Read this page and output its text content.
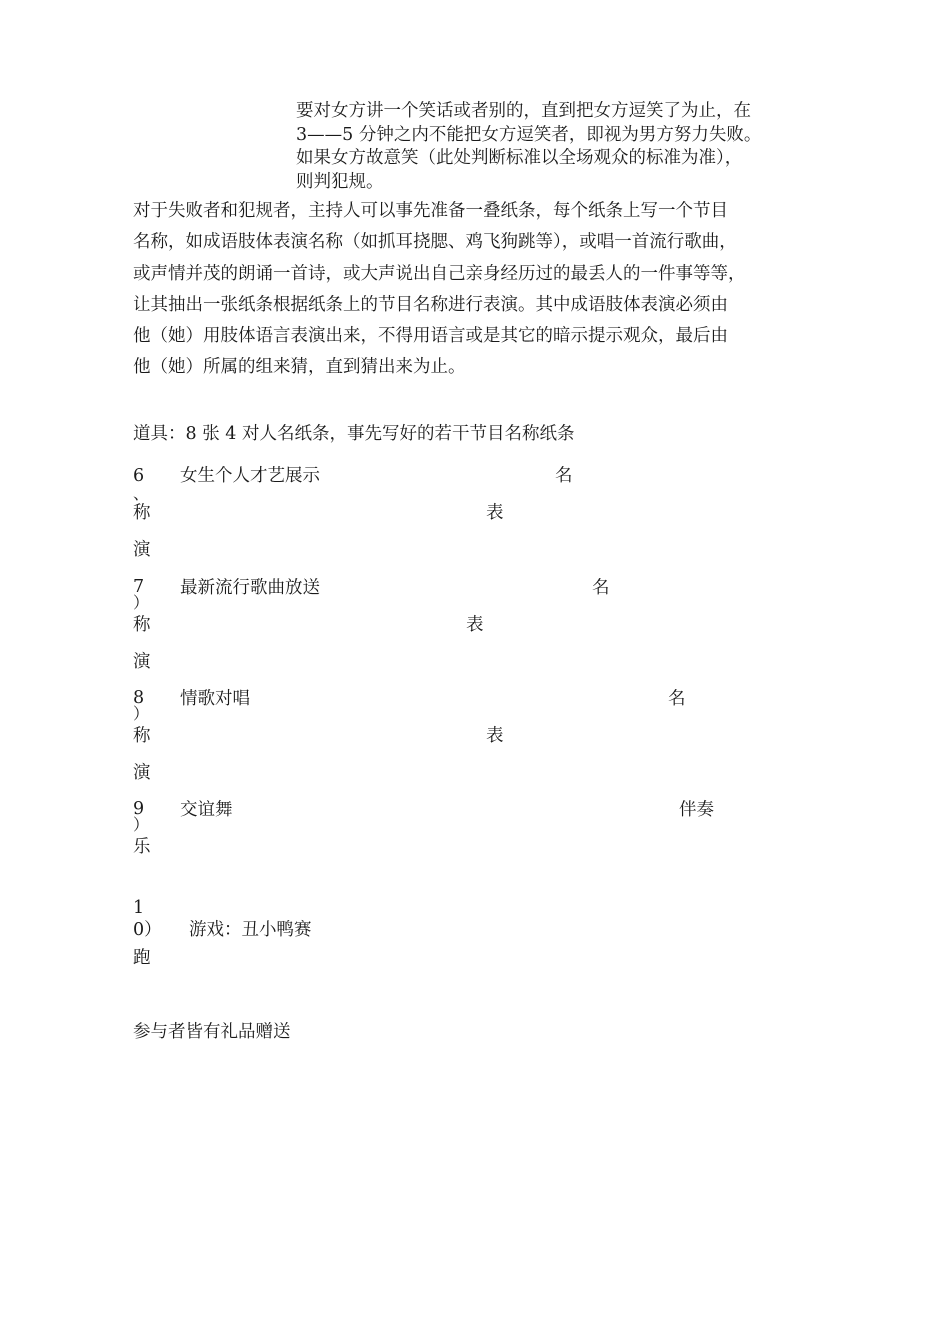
要对女方讲一个笑话或者别的，直到把女方逗笑了为止，在
3——5 分钟之内不能把女方逗笑者，即视为男方努力失败。
如果女方故意笑（此处判断标准以全场观众的标准为准），
则判犯规。
对于失败者和犯规者，主持人可以事先准备一叠纸条，每个纸条上写一个节目
名称，如成语肢体表演名称（如抓耳挠腮、鸡飞狗跳等），或唱一首流行歌曲，
或声情并茂的朗诵一首诗，或大声说出自己亲身经历过的最丢人的一件事等等，
让其抽出一张纸条根据纸条上的节目名称进行表演。其中成语肢体表演必须由
他（她）用肢体语言表演出来，不得用语言或是其它的暗示提示观众，最后由
他（她）所属的组来猜，直到猜出来为止。
道具：8 张 4 对人名纸条，事先写好的若干节目名称纸条
6
、
女生个人才艺展示	名
称	表
演
7
）
最新流行歌曲放送	名
称	表
演
8
）
情歌对唱	名
称	表
演
9
）
交谊舞	伴奏
乐
1
0） 游戏：丑小鸭赛
跑
参与者皆有礼品赠送
